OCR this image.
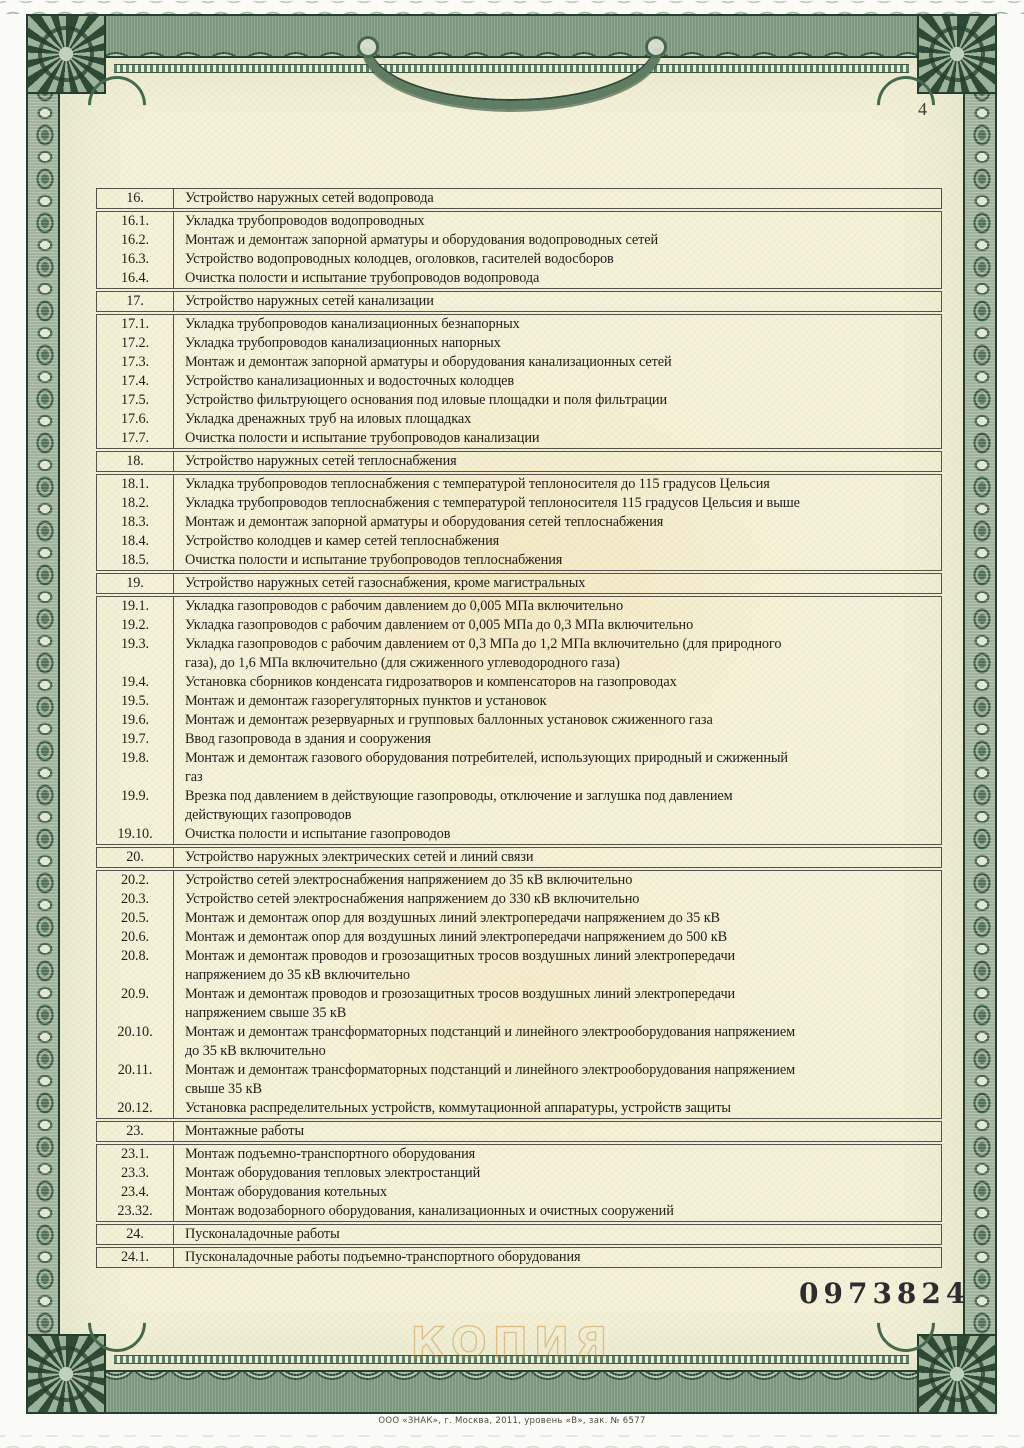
4
16.	Устройство наружных сетей водопровода
16.1.	Укладка трубопроводов водопроводных
16.2.	Монтаж и демонтаж запорной арматуры и оборудования водопроводных сетей
16.3.	Устройство водопроводных колодцев, оголовков, гасителей водосборов
16.4.	Очистка полости и испытание трубопроводов водопровода
17.	Устройство наружных сетей канализации
17.1.	Укладка трубопроводов канализационных безнапорных
17.2.	Укладка трубопроводов канализационных напорных
17.3.	Монтаж и демонтаж запорной арматуры и оборудования канализационных сетей
17.4.	Устройство канализационных и водосточных колодцев
17.5.	Устройство фильтрующего основания под иловые площадки и поля фильтрации
17.6.	Укладка дренажных труб на иловых площадках
17.7.	Очистка полости и испытание трубопроводов канализации
18.	Устройство наружных сетей теплоснабжения
18.1.	Укладка трубопроводов теплоснабжения с температурой теплоносителя до 115 градусов Цельсия
18.2.	Укладка трубопроводов теплоснабжения с температурой теплоносителя 115 градусов Цельсия и выше
18.3.	Монтаж и демонтаж запорной арматуры и оборудования сетей теплоснабжения
18.4.	Устройство колодцев и камер сетей теплоснабжения
18.5.	Очистка полости и испытание трубопроводов теплоснабжения
19.	Устройство наружных сетей газоснабжения, кроме магистральных
19.1.	Укладка газопроводов с рабочим давлением до 0,005 МПа включительно
19.2.	Укладка газопроводов с рабочим давлением от 0,005 МПа до 0,3 МПа включительно
19.3.	Укладка газопроводов с рабочим давлением от 0,3 МПа до 1,2 МПа включительно (для природного
газа), до 1,6 МПа включительно (для сжиженного углеводородного газа)
19.4.	Установка сборников конденсата гидрозатворов и компенсаторов на газопроводах
19.5.	Монтаж и демонтаж газорегуляторных пунктов и установок
19.6.	Монтаж и демонтаж резервуарных и групповых баллонных установок сжиженного газа
19.7.	Ввод газопровода в здания и сооружения
19.8.	Монтаж и демонтаж газового оборудования потребителей, использующих природный и сжиженный
газ
19.9.	Врезка под давлением в действующие газопроводы, отключение и заглушка под давлением
действующих газопроводов
19.10.	Очистка полости и испытание газопроводов
20.	Устройство наружных электрических сетей и линий связи
20.2.	Устройство сетей электроснабжения напряжением до 35 кВ включительно
20.3.	Устройство сетей электроснабжения напряжением до 330 кВ включительно
20.5.	Монтаж и демонтаж опор для воздушных линий электропередачи напряжением до 35 кВ
20.6.	Монтаж и демонтаж опор для воздушных линий электропередачи напряжением до 500 кВ
20.8.	Монтаж и демонтаж проводов и грозозащитных тросов воздушных линий электропередачи
напряжением до 35 кВ включительно
20.9.	Монтаж и демонтаж проводов и грозозащитных тросов воздушных линий электропередачи
напряжением свыше 35 кВ
20.10.	Монтаж и демонтаж трансформаторных подстанций и линейного электрооборудования напряжением
до 35 кВ включительно
20.11.	Монтаж и демонтаж трансформаторных подстанций и линейного электрооборудования напряжением
свыше 35 кВ
20.12.	Установка распределительных устройств, коммутационной аппаратуры, устройств защиты
23.	Монтажные работы
23.1.	Монтаж подъемно-транспортного оборудования
23.3.	Монтаж оборудования тепловых электростанций
23.4.	Монтаж оборудования котельных
23.32.	Монтаж водозаборного оборудования, канализационных и очистных сооружений
24.	Пусконаладочные работы
24.1.	Пусконаладочные работы подъемно-транспортного оборудования
0973824
КОПИЯ
ООО «ЗНАК», г. Москва, 2011, уровень «В», зак. № 6577
